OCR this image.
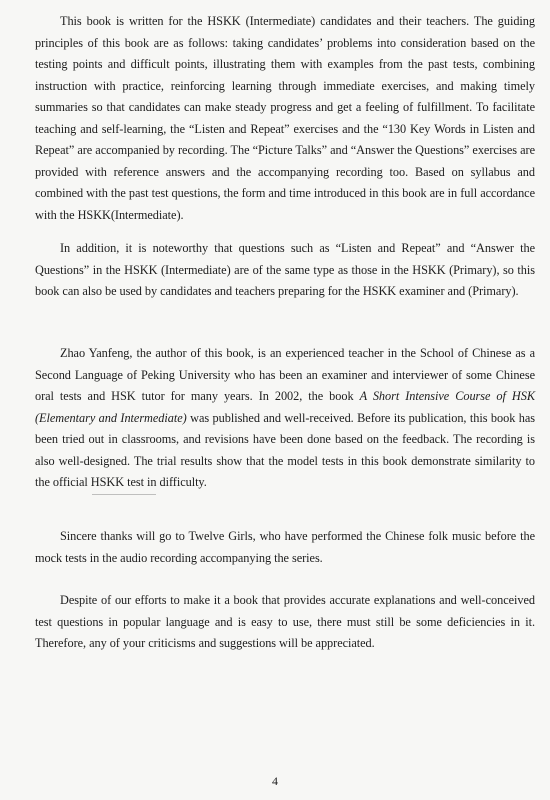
This book is written for the HSKK (Intermediate) candidates and their teachers. The guiding principles of this book are as follows: taking candidates’ problems into consideration based on the testing points and difficult points, illustrating them with examples from the past tests, combining instruction with practice, reinforcing learning through immediate exercises, and making timely summaries so that candidates can make steady progress and get a feeling of fulfillment. To facilitate teaching and self-learning, the “Listen and Repeat” exercises and the “130 Key Words in Listen and Repeat” are accompanied by recording. The “Picture Talks” and “Answer the Questions” exercises are provided with reference answers and the accompanying recording too. Based on syllabus and combined with the past test questions, the form and time introduced in this book are in full accordance with the HSKK(Intermediate).

In addition, it is noteworthy that questions such as “Listen and Repeat” and “Answer the Questions” in the HSKK (Intermediate) are of the same type as those in the HSKK (Primary), so this book can also be used by candidates and teachers preparing for the HSKK examiner and (Primary).

Zhao Yanfeng, the author of this book, is an experienced teacher in the School of Chinese as a Second Language of Peking University who has been an examiner and interviewer of some Chinese oral tests and HSK tutor for many years. In 2002, the book A Short Intensive Course of HSK (Elementary and Intermediate) was published and well-received. Before its publication, this book has been tried out in classrooms, and revisions have been done based on the feedback. The recording is also well-designed. The trial results show that the model tests in this book demonstrate similarity to the official HSKK test in difficulty.

Sincere thanks will go to Twelve Girls, who have performed the Chinese folk music before the mock tests in the audio recording accompanying the series.

Despite of our efforts to make it a book that provides accurate explanations and well-conceived test questions in popular language and is easy to use, there must still be some deficiencies in it. Therefore, any of your criticisms and suggestions will be appreciated.

4
